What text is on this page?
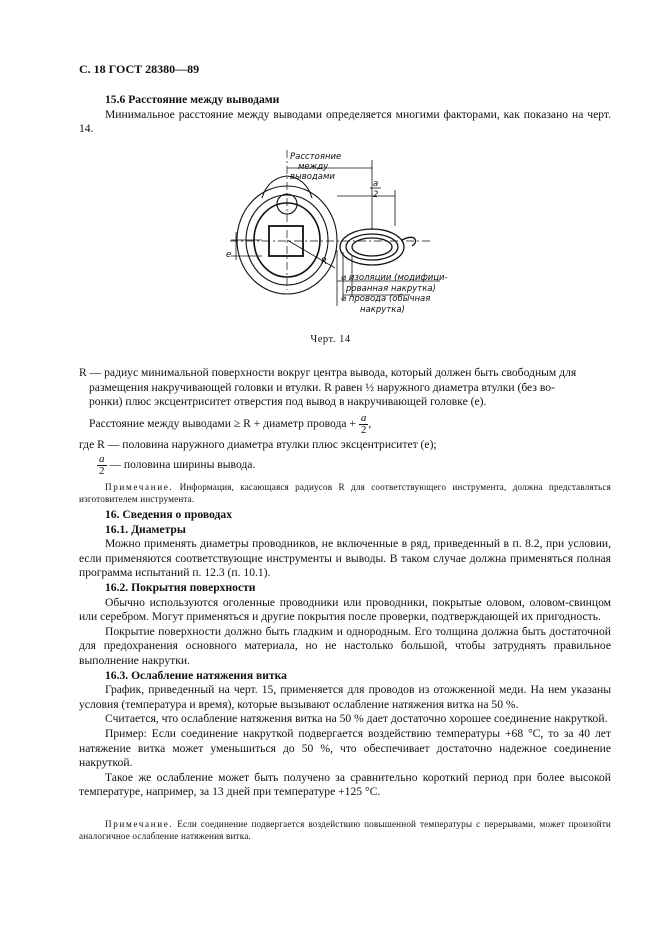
С. 18 ГОСТ 28380—89

15.6 Расстояние между выводами

Минимальное расстояние между выводами определяется многими факторами, как показано на черт. 14.

Расстояние
между
выводами
a
2
e
R
⌀ изоляции (модифици-
рованная накрутка)
⌀ провода (обычная
накрутка)
Черт. 14

R — радиус минимальной поверхности вокруг центра вывода, который должен быть свободным для

размещения накручивающей головки и втулки. R равен ½ наружного диаметра втулки (без во-

ронки) плюс эксцентриситет отверстия под вывод в накручивающей головке (e).

Расстояние между выводами ≥ R + диаметр провода + $\frac{a}{2}$ ,

где R — половина наружного диаметра втулки плюс эксцентриситет (e);

$\frac{a}{2}$ — половина ширины вывода.

Примечание. Информация, касающаяся радиусов R для соответствующего инструмента, должна представляться изготовителем инструмента.

16. Сведения о проводах

16.1. Диаметры

Можно применять диаметры проводников, не включенные в ряд, приведенный в п. 8.2, при условии, если применяются соответствующие инструменты и выводы. В таком случае должна применяться полная программа испытаний п. 12.3 (п. 10.1).

16.2. Покрытия поверхности

Обычно используются оголенные проводники или проводники, покрытые оловом, оловом-свинцом или серебром. Могут применяться и другие покрытия после проверки, подтверждающей их пригодность.

Покрытие поверхности должно быть гладким и однородным. Его толщина должна быть достаточной для предохранения основного материала, но не настолько большой, чтобы затруднять правильное выполнение накрутки.

16.3. Ослабление натяжения витка

График, приведенный на черт. 15, применяется для проводов из отожженной меди. На нем указаны условия (температура и время), которые вызывают ослабление натяжения витка на 50 %.

Считается, что ослабление натяжения витка на 50 % дает достаточно хорошее соединение накруткой.

Пример: Если соединение накруткой подвергается воздействию температуры +68 °С, то за 40 лет натяжение витка может уменьшиться до 50 %, что обеспечивает достаточно надежное соединение накруткой.

Такое же ослабление может быть получено за сравнительно короткий период при более высокой температуре, например, за 13 дней при температуре +125 °С.

Примечание. Если соединение подвергается воздействию повышенной температуры с перерывами, может произойти аналогичное ослабление натяжения витка.
